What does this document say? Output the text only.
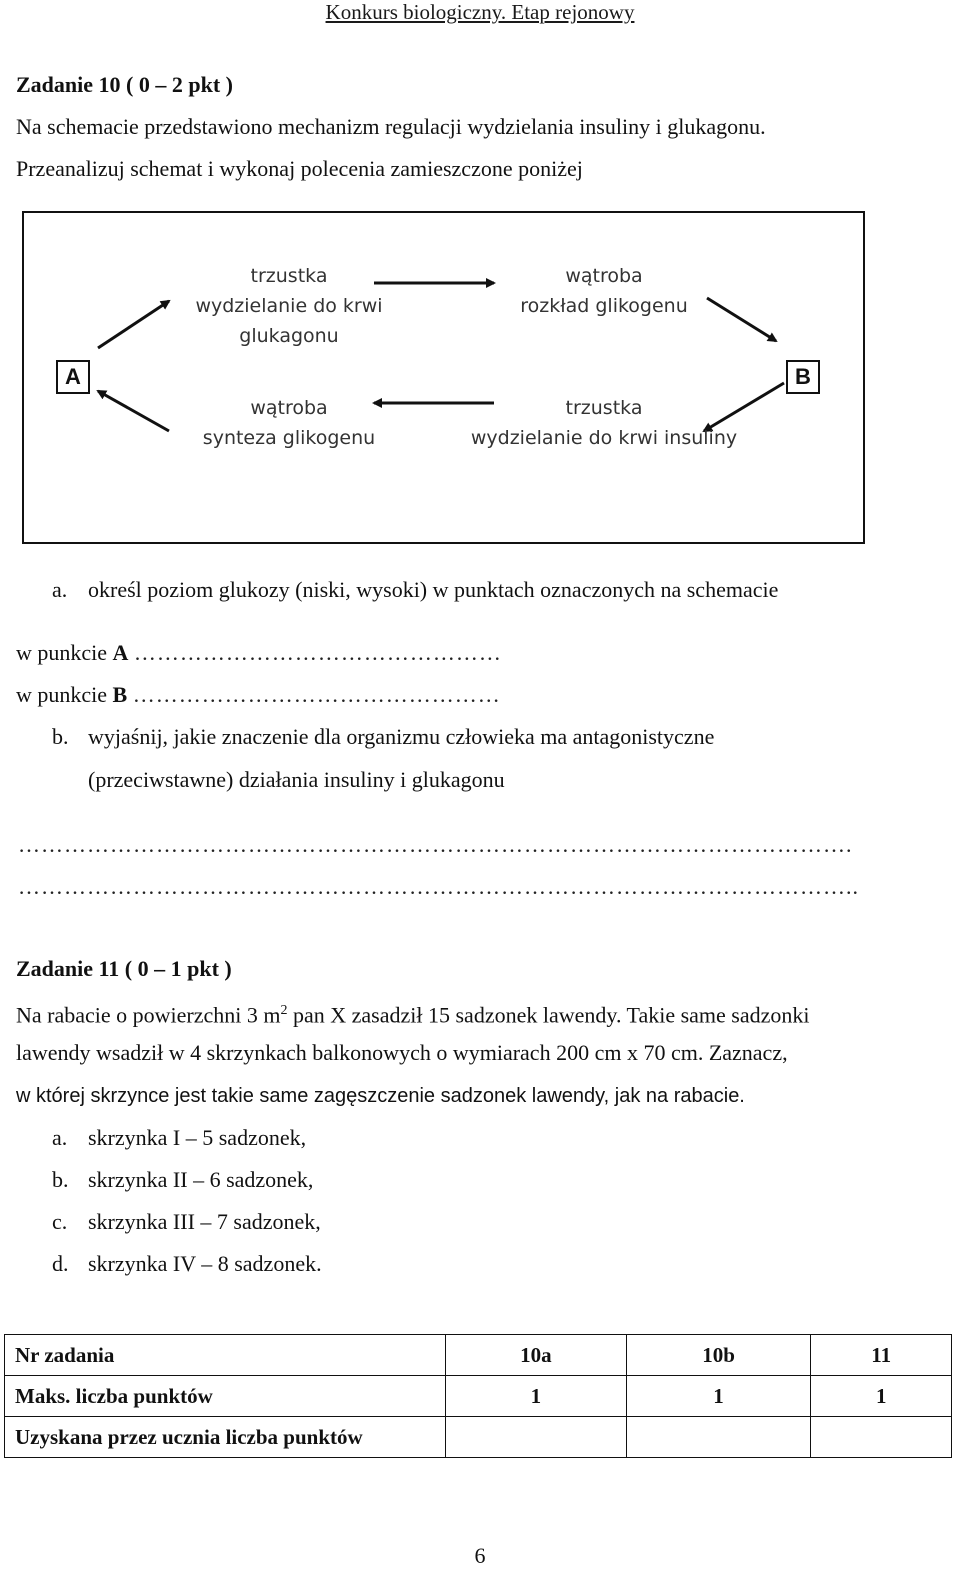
Konkurs biologiczny. Etap rejonowy
Zadanie 10 ( 0 – 2 pkt )
Na schemacie przedstawiono mechanizm regulacji wydzielania insuliny i glukagonu.
Przeanalizuj schemat i wykonaj polecenia zamieszczone poniżej
A	B
trzustka
wydzielanie do krwi
glukagonu
wątroba
rozkład glikogenu
wątroba
synteza glikogenu
trzustka
wydzielanie do krwi insuliny
a. określ poziom glukozy (niski, wysoki) w punktach oznaczonych na schemacie
w punkcie A …………………………………………
w punkcie B …………………………………………
b. wyjaśnij, jakie znaczenie dla organizmu człowieka ma antagonistyczne
(przeciwstawne) działania insuliny i glukagonu
……………………………………………………………………………………………….
………………………………………………………………………………………………..
Zadanie 11 ( 0 – 1 pkt )
Na rabacie o powierzchni 3 $m^2$ pan X zasadził 15 sadzonek lawendy. Takie same sadzonki
lawendy wsadził w 4 skrzynkach balkonowych o wymiarach 200 cm x 70 cm. Zaznacz,
w której skrzynce jest takie same zagęszczenie sadzonek lawendy, jak na rabacie.
a. skrzynka I – 5 sadzonek,
b. skrzynka II – 6 sadzonek,
c. skrzynka III – 7 sadzonek,
d. skrzynka IV – 8 sadzonek.
Nr zadania	10a	10b	11
Maks. liczba punktów	1	1	1
Uzyskana przez ucznia liczba punktów			
6
